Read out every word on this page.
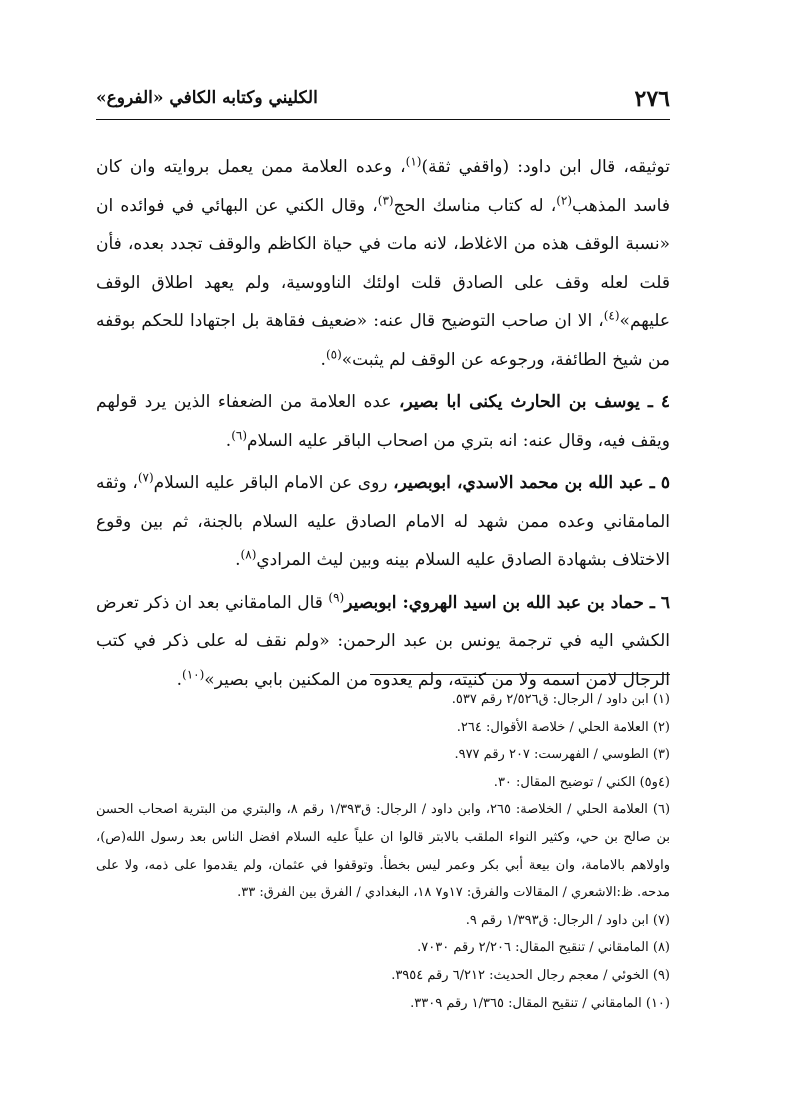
٢٧٦
الكليني وكتابه الكافي «الفروع»

توثيقه، قال ابن داود: (واقفي ثقة)$^{(١)}$، وعده العلامة ممن يعمل بروايته وان كان فاسد المذهب$^{(٢)}$، له كتاب مناسك الحج$^{(٣)}$، وقال الكني عن البهائي في فوائده ان «نسبة الوقف هذه من الاغلاط، لانه مات في حياة الكاظم والوقف تجدد بعده، فأن قلت لعله وقف على الصادق قلت اولئك الناووسية، ولم يعهد اطلاق الوقف عليهم»$^{(٤)}$، الا ان صاحب التوضيح قال عنه: «ضعيف فقاهة بل اجتهادا للحكم بوقفه من شيخ الطائفة، ورجوعه عن الوقف لم يثبت»$^{(٥)}$.

٤ ـ يوسف بن الحارث يكنى ابا بصير، عده العلامة من الضعفاء الذين يرد قولهم ويقف فيه، وقال عنه: انه بتري من اصحاب الباقر عليه السلام$^{(٦)}$.

٥ ـ عبد الله بن محمد الاسدي، ابوبصير، روى عن الامام الباقر عليه السلام$^{(٧)}$، وثقه المامقاني وعده ممن شهد له الامام الصادق عليه السلام بالجنة، ثم بين وقوع الاختلاف بشهادة الصادق عليه السلام بينه وبين ليث المرادي$^{(٨)}$.

٦ ـ حماد بن عبد الله بن اسيد الهروي: ابوبصير$^{(٩)}$ قال المامقاني بعد ان ذكر تعرض الكشي اليه في ترجمة يونس بن عبد الرحمن: «ولم نقف له على ذكر في كتب الرجال لامن اسمه ولا من كنيته، ولم يعدوه من المكنين بابي بصير»$^{(١٠)}$.

(١) ابن داود / الرجال: ق٢/٥٢٦ رقم ٥٣٧.

(٢) العلامة الحلي / خلاصة الأقوال: ٢٦٤.

(٣) الطوسي / الفهرست: ٢٠٧ رقم ٩٧٧.

(٤و٥) الكني / توضيح المقال: ٣٠.

(٦) العلامة الحلي / الخلاصة: ٢٦٥، وابن داود / الرجال: ق١/٣٩٣ رقم ٨، والبتري من البترية اصحاب الحسن بن صالح بن حي، وكثير النواء الملقب بالابتر قالوا ان علياً عليه السلام افضل الناس بعد رسول الله(ص)، واولاهم بالامامة، وان بيعة أبي بكر وعمر ليس بخطأ. وتوقفوا في عثمان، ولم يقدموا على ذمه، ولا على مدحه. ظ:الاشعري / المقالات والفرق: ١٧و٧ ١٨، البغدادي / الفرق بين الفرق: ٣٣.

(٧) ابن داود / الرجال: ق١/٣٩٣ رقم ٩.

(٨) المامقاني / تنقيح المقال: ٢/٢٠٦ رقم ٧٠٣٠.

(٩) الخوئي / معجم رجال الحديث: ٦/٢١٢ رقم ٣٩٥٤.

(١٠) المامقاني / تنقيح المقال: ١/٣٦٥ رقم ٣٣٠٩.
